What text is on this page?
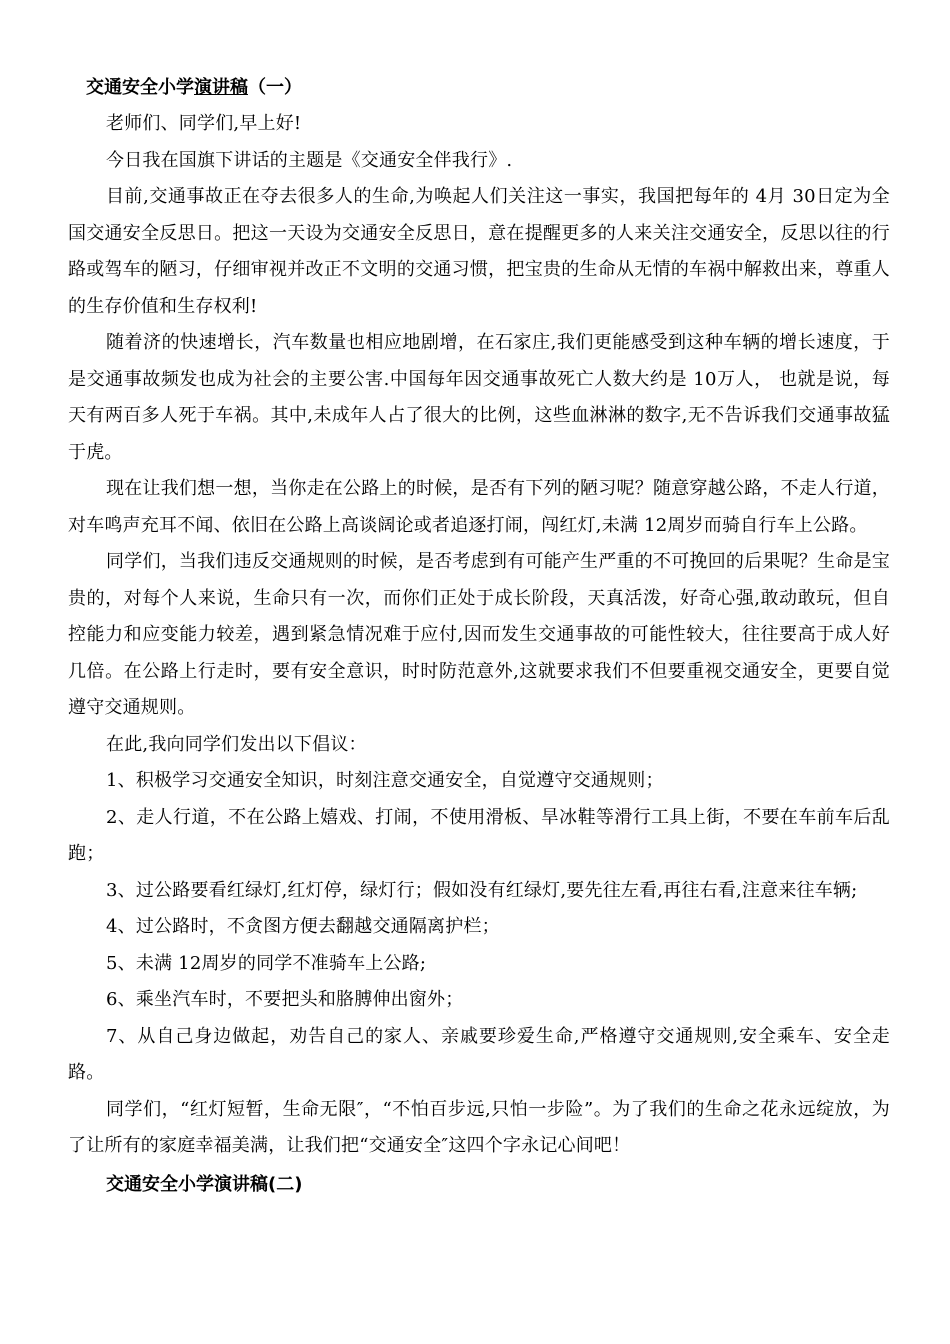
交通安全小学演讲稿（一）

老师们、同学们,早上好!

今日我在国旗下讲话的主题是《交通安全伴我行》.

目前,交通事故正在夺去很多人的生命,为唤起人们关注这一事实，我国把每年的 4月 30日定为全国交通安全反思日。把这一天设为交通安全反思日，意在提醒更多的人来关注交通安全，反思以往的行路或驾车的陋习，仔细审视并改正不文明的交通习惯，把宝贵的生命从无情的车祸中解救出来，尊重人的生存价值和生存权利!

随着济的快速增长，汽车数量也相应地剧增，在石家庄,我们更能感受到这种车辆的增长速度，于是交通事故频发也成为社会的主要公害.中国每年因交通事故死亡人数大约是 10万人， 也就是说，每天有两百多人死于车祸。其中,未成年人占了很大的比例，这些血淋淋的数字,无不告诉我们交通事故猛于虎。

现在让我们想一想，当你走在公路上的时候，是否有下列的陋习呢？随意穿越公路，不走人行道，对车鸣声充耳不闻、依旧在公路上高谈阔论或者追逐打闹，闯红灯,未满 12周岁而骑自行车上公路。

同学们，当我们违反交通规则的时候，是否考虑到有可能产生严重的不可挽回的后果呢？生命是宝贵的，对每个人来说，生命只有一次，而你们正处于成长阶段，天真活泼，好奇心强,敢动敢玩，但自控能力和应变能力较差，遇到紧急情况难于应付,因而发生交通事故的可能性较大，往往要高于成人好几倍。在公路上行走时，要有安全意识，时时防范意外,这就要求我们不但要重视交通安全，更要自觉遵守交通规则。

在此,我向同学们发出以下倡议：

1、积极学习交通安全知识，时刻注意交通安全，自觉遵守交通规则；

2、走人行道，不在公路上嬉戏、打闹，不使用滑板、旱冰鞋等滑行工具上街，不要在车前车后乱跑；

3、过公路要看红绿灯,红灯停，绿灯行；假如没有红绿灯,要先往左看,再往右看,注意来往车辆;

4、过公路时，不贪图方便去翻越交通隔离护栏；

5、未满 12周岁的同学不准骑车上公路;

6、乘坐汽车时，不要把头和胳膊伸出窗外；

7、从自己身边做起，劝告自己的家人、亲戚要珍爱生命,严格遵守交通规则,安全乘车、安全走路。

同学们，“红灯短暂，生命无限″，“不怕百步远,只怕一步险”。为了我们的生命之花永远绽放，为了让所有的家庭幸福美满，让我们把“交通安全″这四个字永记心间吧！

交通安全小学演讲稿(二)
